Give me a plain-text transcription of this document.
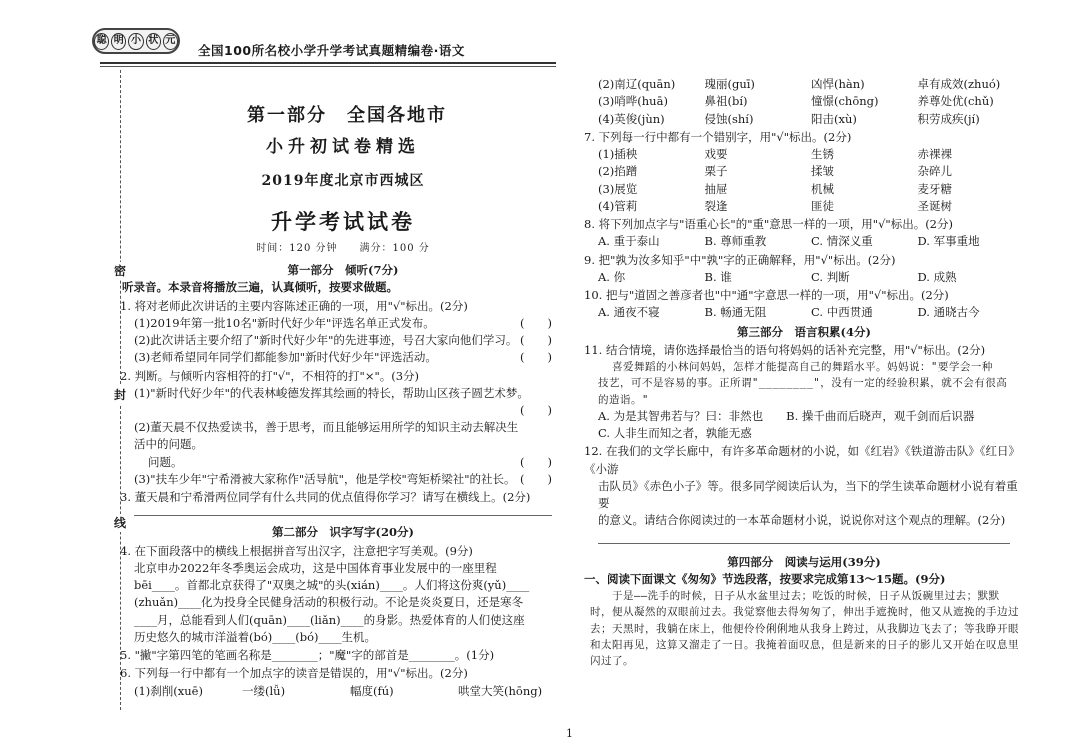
聪 明 小 状 元
全国100所名校小学升学考试真题精编卷·语文
密
封
线
第一部分　全国各地市
小升初试卷精选
2019年度北京市西城区
升学考试试卷
时间：120 分钟　　满分：100 分
第一部分　倾听(7分)
听录音。本录音将播放三遍，认真倾听，按要求做题。
1. 将对老师此次讲话的主要内容陈述正确的一项，用"√"标出。(2分)
(1)2019年第一批10名"新时代好少年"评选名单正式发布。	(　　)
(2)此次讲话主要介绍了"新时代好少年"的先进事迹，号召大家向他们学习。 (　　)
(3)老师希望同年同学们都能参加"新时代好少年"评选活动。	(　　)
2. 判断。与倾听内容相符的打"√"，不相符的打"×"。(3分)
(1)"新时代好少年"的代表林峻德发挥其绘画的特长，帮助山区孩子圆艺术梦。
(　　)
(2)董天晨不仅热爱读书，善于思考，而且能够运用所学的知识主动去解决生活中的问题。
问题。	(　　)
(3)"扶车少年"宁希滑被大家称作"活导航"，他是学校"弯矩桥梁社"的社长。 (　　)
3. 董天晨和宁希滑两位同学有什么共同的优点值得你学习？请写在横线上。(2分)
第二部分　识字写字(20分)
4. 在下面段落中的横线上根据拼音写出汉字，注意把字写美观。(9分)
北京申办2022年冬季奥运会成功，这是中国体育事业发展中的一座里程
bēi____。首都北京获得了"双奥之城"的头(xián)____。人们将这份爽(yǔ)____
(zhuǎn)____化为投身全民健身活动的积极行动。不论是炎炎夏日，还是寒冬
____月，总能看到人们(quān)____(liǎn)____的身影。热爱体育的人们使这座
历史悠久的城市洋溢着(bó)____(bó)____生机。
5. "撇"字第四笔的笔画名称是________；"魔"字的部首是________。(1分)
6. 下列每一行中都有一个加点字的读音是错误的，用"√"标出。(2分)
(1)刹削(xuē)	一缕(lǚ)	幅度(fú)	哄堂大笑(hōng)
(2)南辽(quān)	瑰丽(guī)	凶悍(hàn)	卓有成效(zhuó)
(3)哨哗(huā)	鼻祖(bí)	憧憬(chōng)	养尊处优(chǔ)
(4)英俊(jùn)	侵蚀(shí)	阳击(xù)	积劳成疾(jí)
7. 下列每一行中都有一个错别字，用"√"标出。(2分)
(1)插秧	戏要	生锈	赤裸裸
(2)掐蹭	栗子	揉皱	杂碎儿
(3)展览	抽屉	机械	麦牙糖
(4)管莉	裂逢	匪徒	圣诞树
8. 将下列加点字与"语重心长"的"重"意思一样的一项，用"√"标出。(2分)
A. 重于泰山	B. 尊师重教	C. 情深义重	D. 军事重地
9. 把"孰为汝多知乎"中"孰"字的正确解释，用"√"标出。(2分)
A. 你	B. 谁	C. 判断	D. 成熟
10. 把与"道固之善彦者也"中"通"字意思一样的一项，用"√"标出。(2分)
A. 通夜不寝	B. 畅通无阻	C. 中西贯通	D. 通晓古今
第三部分　语言积累(4分)
11. 结合情境，请你选择最恰当的语句将妈妈的话补充完整，用"√"标出。(2分)
喜爱舞蹈的小林问妈妈，怎样才能提高自己的舞蹈水平。妈妈说："要学会一种
技艺，可不是容易的事。正所谓"________"，没有一定的经验积累，就不会有很高
的造诣。"
A. 为是其智弗若与？曰：非然也　　B. 操千曲而后晓声，观千剑而后识器
C. 人非生而知之者，孰能无惑
12. 在我们的文学长廊中，有许多革命题材的小说，如《红岩》《铁道游击队》《红日》《小游
击队员》《赤色小子》等。很多同学阅读后认为，当下的学生读革命题材小说有着重要
的意义。请结合你阅读过的一本革命题材小说，说说你对这个观点的理解。(2分)
第四部分　阅读与运用(39分)
一、阅读下面课文《匆匆》节选段落，按要求完成第13～15题。(9分)
于是——洗手的时候，日子从水盆里过去；吃饭的时候，日子从饭碗里过去；默默
时，便从凝然的双眼前过去。我觉察他去得匆匆了，伸出手遮挽时，他又从遮挽的手边过
去；天黑时，我躺在床上，他便伶伶俐俐地从我身上跨过，从我脚边飞去了；等我睁开眼
和太阳再见，这算又溜走了一日。我掩着面叹息，但是新来的日子的影儿又开始在叹息里
闪过了。
1
